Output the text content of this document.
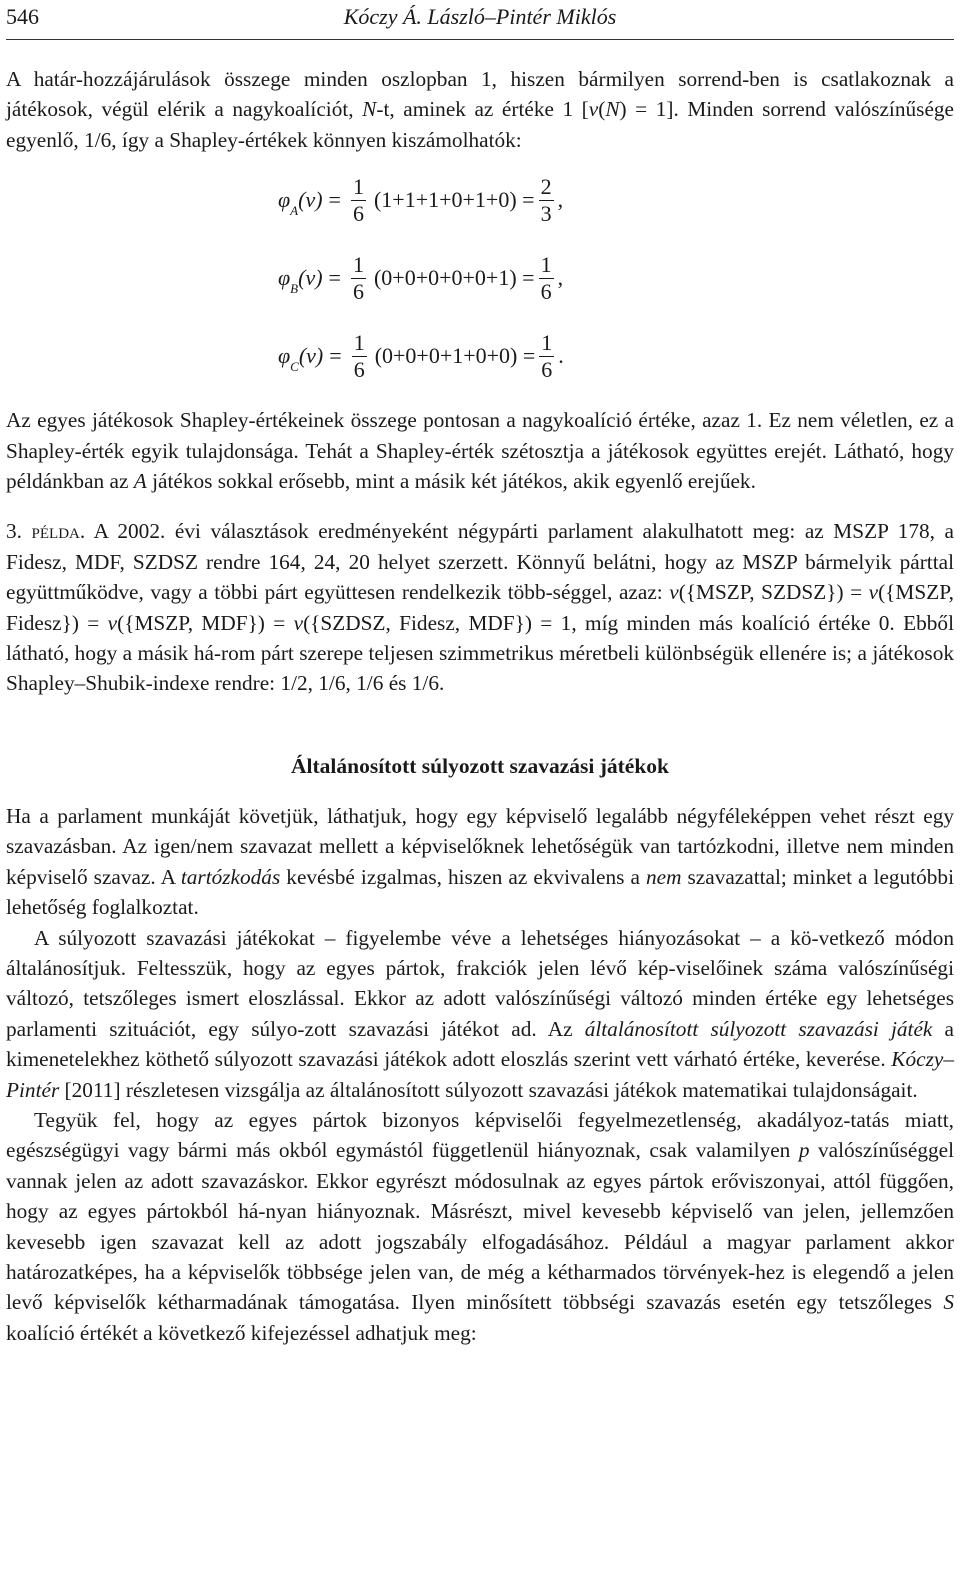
546	Kóczy Á. László–Pintér Miklós

A határ-hozzájárulások összege minden oszlopban 1, hiszen bármilyen sorrend-ben is csatlakoznak a játékosok, végül elérik a nagykoalíciót, N-t, aminek az értéke 1 [v(N) = 1]. Minden sorrend valószínűsége egyenlő, 1/6, így a Shapley-értékek könnyen kiszámolhatók:

$\varphi_A(v) = \frac{1}{6} (1+1+1+0+1+0) = \frac{2}{3}$ ,
$\varphi_B(v) = \frac{1}{6} (0+0+0+0+0+1) = \frac{1}{6}$ ,
$\varphi_C(v) = \frac{1}{6} (0+0+0+1+0+0) = \frac{1}{6}$ .

Az egyes játékosok Shapley-értékeinek összege pontosan a nagykoalíció értéke, azaz 1. Ez nem véletlen, ez a Shapley-érték egyik tulajdonsága. Tehát a Shapley-érték szétosztja a játékosok együttes erejét. Látható, hogy példánkban az A játékos sokkal erősebb, mint a másik két játékos, akik egyenlő erejűek.

3. példa. A 2002. évi választások eredményeként négypárti parlament alakulhatott meg: az MSZP 178, a Fidesz, MDF, SZDSZ rendre 164, 24, 20 helyet szerzett. Könnyű belátni, hogy az MSZP bármelyik párttal együttműködve, vagy a többi párt együttesen rendelkezik több-séggel, azaz: v({MSZP, SZDSZ}) = v({MSZP, Fidesz}) = v({MSZP, MDF}) = v({SZDSZ, Fidesz, MDF}) = 1, míg minden más koalíció értéke 0. Ebből látható, hogy a másik há-rom párt szerepe teljesen szimmetrikus méretbeli különbségük ellenére is; a játékosok Shapley–Shubik-indexe rendre: 1/2, 1/6, 1/6 és 1/6.

Általánosított súlyozott szavazási játékok

Ha a parlament munkáját követjük, láthatjuk, hogy egy képviselő legalább négyféleképpen vehet részt egy szavazásban. Az igen/nem szavazat mellett a képviselőknek lehetőségük van tartózkodni, illetve nem minden képviselő szavaz. A tartózkodás kevésbé izgalmas, hiszen az ekvivalens a nem szavazattal; minket a legutóbbi lehetőség foglalkoztat.

A súlyozott szavazási játékokat – figyelembe véve a lehetséges hiányozásokat – a kö-vetkező módon általánosítjuk. Feltesszük, hogy az egyes pártok, frakciók jelen lévő kép-viselőinek száma valószínűségi változó, tetszőleges ismert eloszlással. Ekkor az adott valószínűségi változó minden értéke egy lehetséges parlamenti szituációt, egy súlyo-zott szavazási játékot ad. Az általánosított súlyozott szavazási játék a kimenetelekhez köthető súlyozott szavazási játékok adott eloszlás szerint vett várható értéke, keverése. Kóczy–Pintér [2011] részletesen vizsgálja az általánosított súlyozott szavazási játékok matematikai tulajdonságait.

Tegyük fel, hogy az egyes pártok bizonyos képviselői fegyelmezetlenség, akadályoz-tatás miatt, egészségügyi vagy bármi más okból egymástól függetlenül hiányoznak, csak valamilyen p valószínűséggel vannak jelen az adott szavazáskor. Ekkor egyrészt módosulnak az egyes pártok erőviszonyai, attól függően, hogy az egyes pártokból há-nyan hiányoznak. Másrészt, mivel kevesebb képviselő van jelen, jellemzően kevesebb igen szavazat kell az adott jogszabály elfogadásához. Például a magyar parlament akkor határozatképes, ha a képviselők többsége jelen van, de még a kétharmados törvények-hez is elegendő a jelen levő képviselők kétharmadának támogatása. Ilyen minősített többségi szavazás esetén egy tetszőleges S koalíció értékét a következő kifejezéssel adhatjuk meg:
